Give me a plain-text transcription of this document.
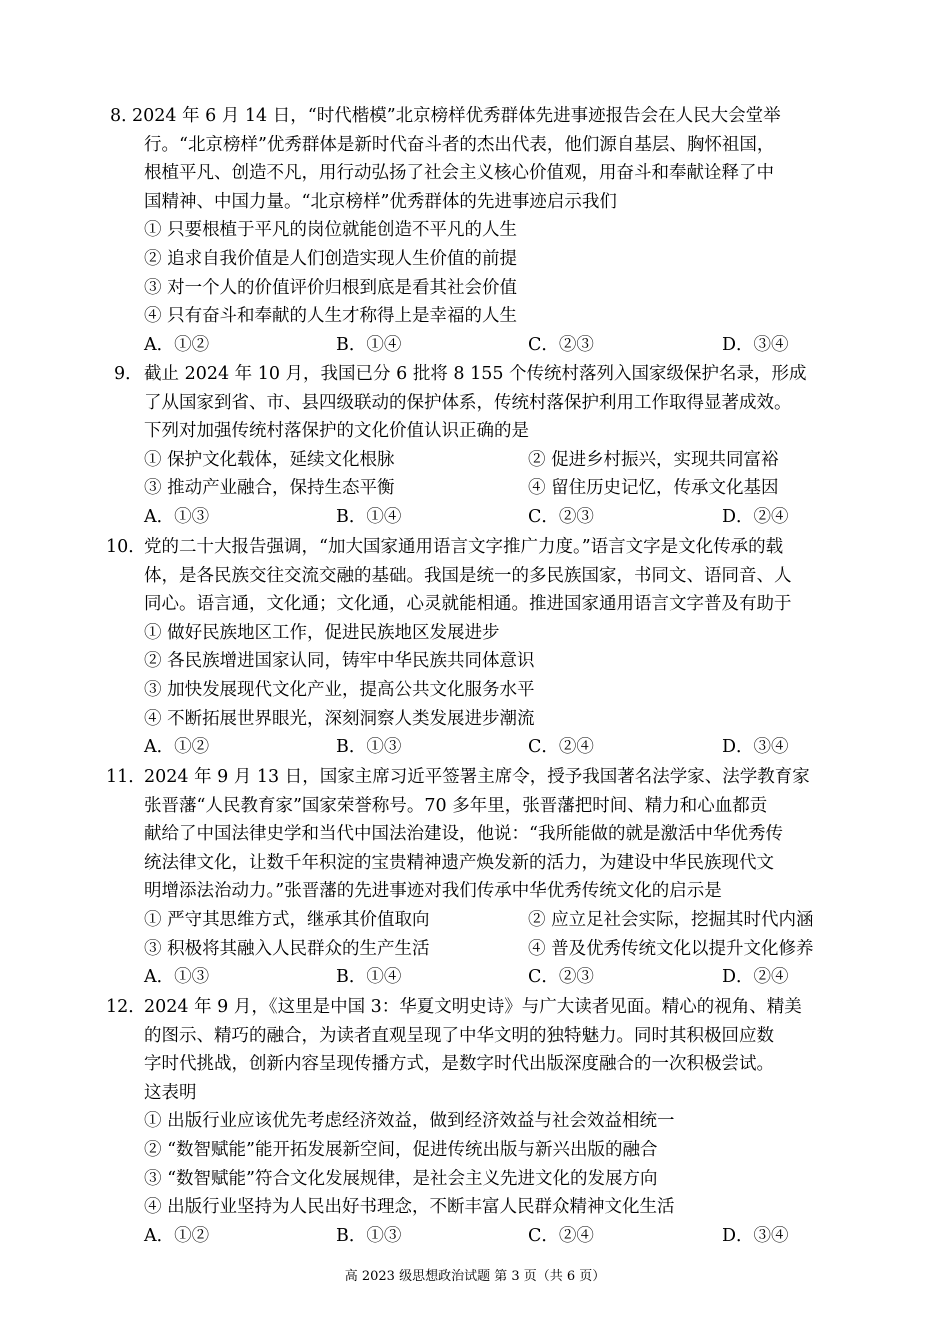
8．
2024 年 6 月 14 日，“时代楷模”北京榜样优秀群体先进事迹报告会在人民大会堂举
行。“北京榜样”优秀群体是新时代奋斗者的杰出代表，他们源自基层、胸怀祖国，
根植平凡、创造不凡，用行动弘扬了社会主义核心价值观，用奋斗和奉献诠释了中
国精神、中国力量。“北京榜样”优秀群体的先进事迹启示我们
① 只要根植于平凡的岗位就能创造不平凡的人生
② 追求自我价值是人们创造实现人生价值的前提
③ 对一个人的价值评价归根到底是看其社会价值
④ 只有奋斗和奉献的人生才称得上是幸福的人生
A．①②	B．①④	C．②③	D．③④
9． 截止 2024 年 10 月，我国已分 6 批将 8 155 个传统村落列入国家级保护名录，形成
了从国家到省、市、县四级联动的保护体系，传统村落保护利用工作取得显著成效。
下列对加强传统村落保护的文化价值认识正确的是
① 保护文化载体，延续文化根脉	② 促进乡村振兴，实现共同富裕
③ 推动产业融合，保持生态平衡	④ 留住历史记忆，传承文化基因
A．①③	B．①④	C．②③	D．②④
10．
党的二十大报告强调，“加大国家通用语言文字推广力度。”语言文字是文化传承的载
体，是各民族交往交流交融的基础。我国是统一的多民族国家，书同文、语同音、人
同心。语言通，文化通；文化通，心灵就能相通。推进国家通用语言文字普及有助于
① 做好民族地区工作，促进民族地区发展进步
② 各民族增进国家认同，铸牢中华民族共同体意识
③ 加快发展现代文化产业，提高公共文化服务水平
④ 不断拓展世界眼光，深刻洞察人类发展进步潮流
A．①②	B．①③	C．②④	D．③④
11．
2024 年 9 月 13 日，国家主席习近平签署主席令，授予我国著名法学家、法学教育家
张晋藩“人民教育家”国家荣誉称号。70 多年里，张晋藩把时间、精力和心血都贡
献给了中国法律史学和当代中国法治建设，他说：“我所能做的就是激活中华优秀传
统法律文化，让数千年积淀的宝贵精神遗产焕发新的活力，为建设中华民族现代文
明增添法治动力。”张晋藩的先进事迹对我们传承中华优秀传统文化的启示是
① 严守其思维方式，继承其价值取向	② 应立足社会实际，挖掘其时代内涵
③ 积极将其融入人民群众的生产生活	④ 普及优秀传统文化以提升文化修养
A．①③	B．①④	C．②③	D．②④
12．
2024 年 9 月，《这里是中国 3：华夏文明史诗》与广大读者见面。精心的视角、精美
的图示、精巧的融合，为读者直观呈现了中华文明的独特魅力。同时其积极回应数
字时代挑战，创新内容呈现传播方式，是数字时代出版深度融合的一次积极尝试。
这表明
① 出版行业应该优先考虑经济效益，做到经济效益与社会效益相统一
② “数智赋能”能开拓发展新空间，促进传统出版与新兴出版的融合
③ “数智赋能”符合文化发展规律，是社会主义先进文化的发展方向
④ 出版行业坚持为人民出好书理念，不断丰富人民群众精神文化生活
A．①②	B．①③	C．②④	D．③④
高 2023 级思想政治试题 第 3 页（共 6 页）
